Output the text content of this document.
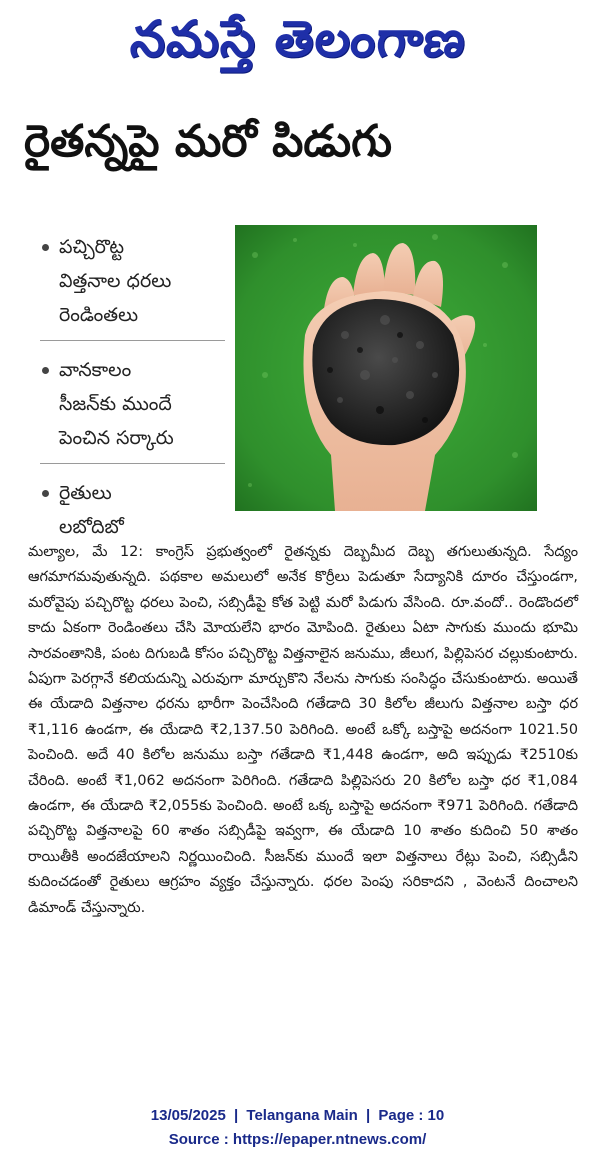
నమస్తే తెలంగాణ
రైతన్నపై మరో పిడుగు
పచ్చిరొట్ట
విత్తనాల ధరలు
రెండింతలు
వానకాలం
సీజన్‌కు ముందే
పెంచిన సర్కారు
రైతులు
లబోదిబో
మల్యాల, మే 12: కాంగ్రెస్‌ ప్రభుత్వంలో రైతన్నకు దెబ్బమీద దెబ్బ తగులుతున్నది. సేద్యం ఆగమాగమవుతున్నది. పథకాల అమలులో అనేక కొర్రీలు పెడుతూ సేద్యానికి దూరం చేస్తుండగా, మరోవైపు పచ్చిరొట్ట ధరలు పెంచి, సబ్సిడీపై కోత పెట్టి మరో పిడుగు వేసింది. రూ.వందో.. రెండొందలో కాదు ఏకంగా రెండింతలు చేసి మోయలేని భారం మోపింది. రైతులు ఏటా సాగుకు ముందు భూమి సారవంతానికి, పంట దిగుబడి కోసం పచ్చిరొట్ట విత్తనాలైన జనుము, జీలుగ, పిల్లిపెసర చల్లుకుంటారు. ఏపుగా పెరగ్గానే కలియదున్ని ఎరువుగా మార్చుకొని నేలను సాగుకు సంసిద్ధం చేసుకుంటారు. అయితే ఈ యేడాది విత్తనాల ధరను భారీగా పెంచేసింది గతేడాది 30 కిలోల జీలుగు విత్తనాల బస్తా ధర ₹1,116 ఉండగా, ఈ యేడాది ₹2,137.50 పెరిగింది. అంటే ఒక్కో బస్తాపై అదనంగా 1021.50 పెంచింది. అదే 40 కిలోల జనుము బస్తా గతేడాది ₹1,448 ఉండగా, అది ఇప్పుడు ₹2510కు చేరింది. అంటే ₹1,062 అదనంగా పెరిగింది. గతేడాది పిల్లిపెసరు 20 కిలోల బస్తా ధర ₹1,084 ఉండగా, ఈ యేడాది ₹2,055కు పెంచింది. అంటే ఒక్క బస్తాపై అదనంగా ₹971 పెరిగింది. గతేడాది పచ్చిరొట్ట విత్తనాలపై 60 శాతం సబ్సిడీపై ఇవ్వగా, ఈ యేడాది 10 శాతం కుదించి 50 శాతం రాయితీకి అందజేయాలని నిర్ణయించింది. సీజన్‌కు ముందే ఇలా విత్తనాలు రేట్లు పెంచి, సబ్సిడీని కుదించడంతో రైతులు ఆగ్రహం వ్యక్తం చేస్తున్నారు. ధరల పెంపు సరికాదని , వెంటనే దించాలని డిమాండ్‌ చేస్తున్నారు.
13/05/2025 | Telangana Main | Page : 10
Source : https://epaper.ntnews.com/
